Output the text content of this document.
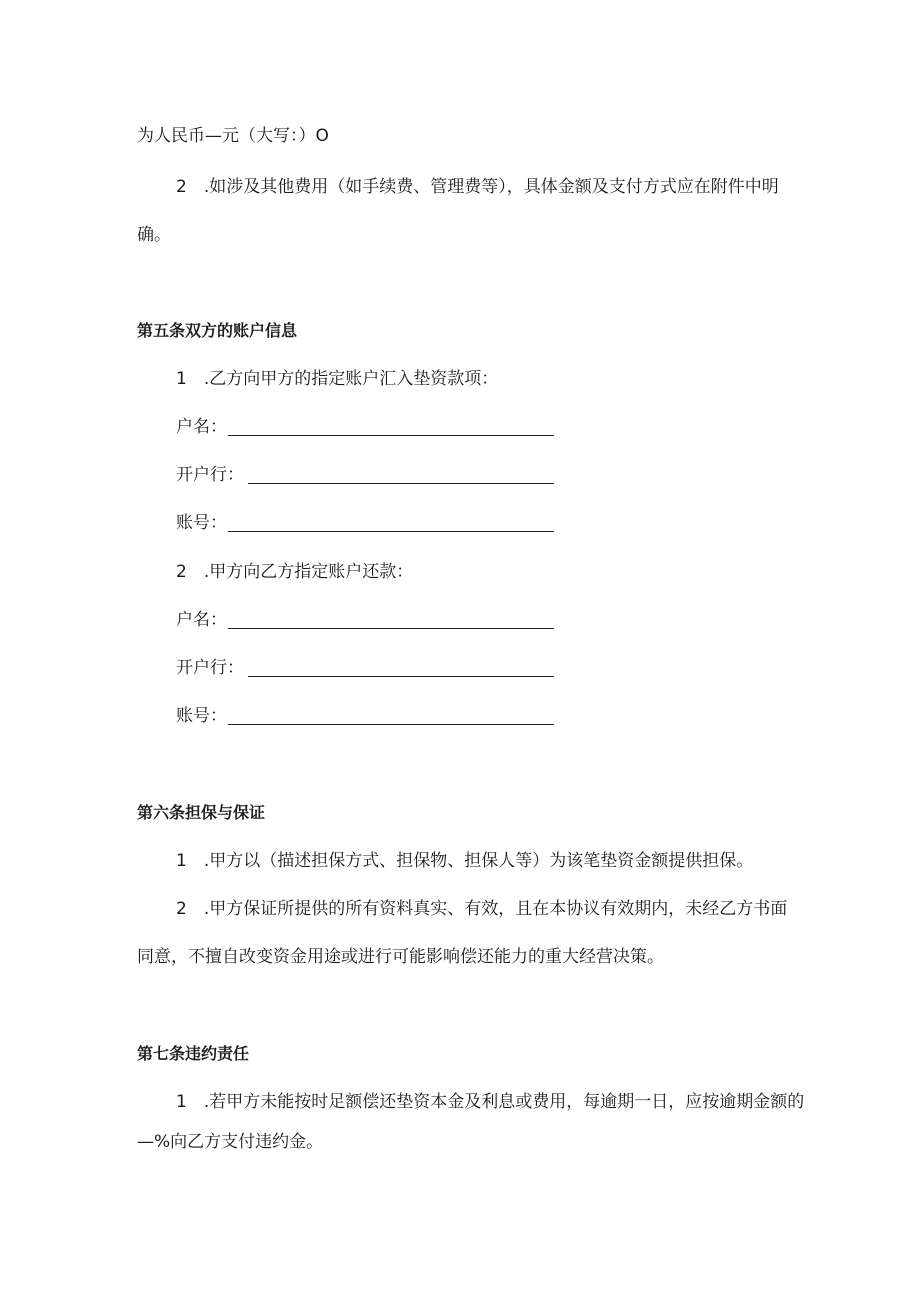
为人民币—元（大写：）O
2　.如涉及其他费用（如手续费、管理费等），具体金额及支付方式应在附件中明
确。
第五条双方的账户信息
1　.乙方向甲方的指定账户汇入垫资款项：
户名：
开户行：
账号：
2　.甲方向乙方指定账户还款：
户名：
开户行：
账号：
第六条担保与保证
1　.甲方以（描述担保方式、担保物、担保人等）为该笔垫资金额提供担保。
2　.甲方保证所提供的所有资料真实、有效，且在本协议有效期内，未经乙方书面
同意，不擅自改变资金用途或进行可能影响偿还能力的重大经营决策。
第七条违约责任
1　.若甲方未能按时足额偿还垫资本金及利息或费用，每逾期一日，应按逾期金额的
—%向乙方支付违约金。
